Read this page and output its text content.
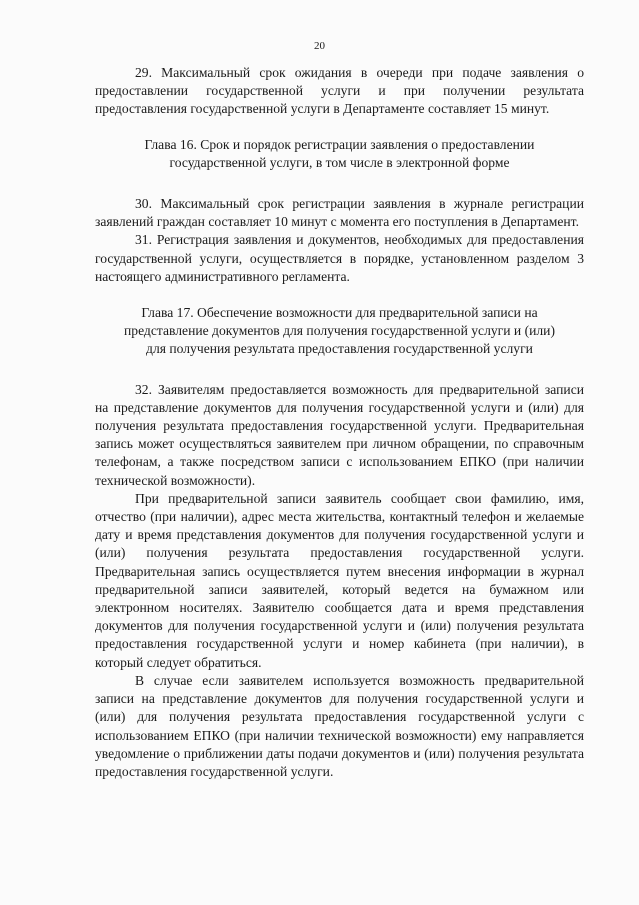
20

29. Максимальный срок ожидания в очереди при подаче заявления о предоставлении государственной услуги и при получении результата предоставления государственной услуги в Департаменте составляет 15 минут.

Глава 16. Срок и порядок регистрации заявления о предоставлении
государственной услуги, в том числе в электронной форме

30. Максимальный срок регистрации заявления в журнале регистрации заявлений граждан составляет 10 минут с момента его поступления в Департамент.

31. Регистрация заявления и документов, необходимых для предоставления государственной услуги, осуществляется в порядке, установленном разделом 3 настоящего административного регламента.

Глава 17. Обеспечение возможности для предварительной записи на
представление документов для получения государственной услуги и (или)
для получения результата предоставления государственной услуги

32. Заявителям предоставляется возможность для предварительной записи на представление документов для получения государственной услуги и (или) для получения результата предоставления государственной услуги. Предварительная запись может осуществляться заявителем при личном обращении, по справочным телефонам, а также посредством записи с использованием ЕПКО (при наличии технической возможности).

При предварительной записи заявитель сообщает свои фамилию, имя, отчество (при наличии), адрес места жительства, контактный телефон и желаемые дату и время представления документов для получения государственной услуги и (или) получения результата предоставления государственной услуги. Предварительная запись осуществляется путем внесения информации в журнал предварительной записи заявителей, который ведется на бумажном или электронном носителях. Заявителю сообщается дата и время представления документов для получения государственной услуги и (или) получения результата предоставления государственной услуги и номер кабинета (при наличии), в который следует обратиться.

В случае если заявителем используется возможность предварительной записи на представление документов для получения государственной услуги и (или) для получения результата предоставления государственной услуги с использованием ЕПКО (при наличии технической возможности) ему направляется уведомление о приближении даты подачи документов и (или) получения результата предоставления государственной услуги.
